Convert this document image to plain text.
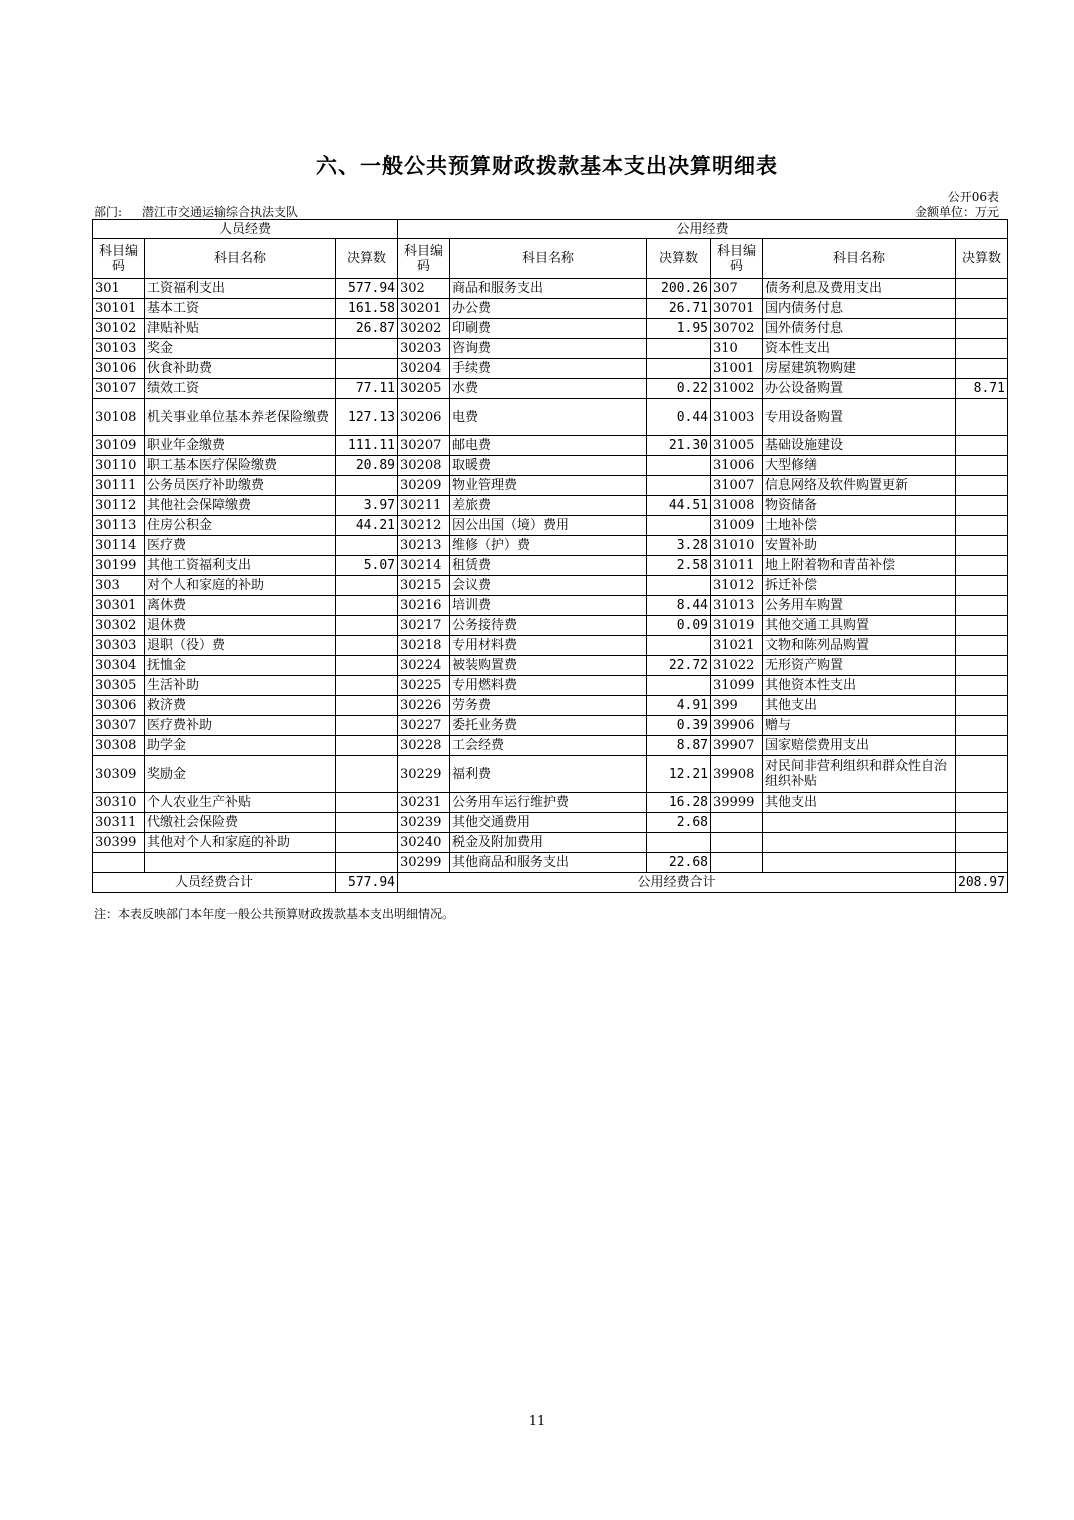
六、一般公共预算财政拨款基本支出决算明细表
公开06表
部门: 潜江市交通运输综合执法支队	金额单位：万元
人员经费			公用经费					
科目编码	科目名称	决算数	科目编码	科目名称	决算数	科目编码	科目名称	决算数
301	工资福利支出	577.94	302	商品和服务支出	200.26	307	债务利息及费用支出	
30101	基本工资	161.58	30201	办公费	26.71	30701	国内债务付息	
30102	津贴补贴	26.87	30202	印刷费	1.95	30702	国外债务付息	
30103	奖金		30203	咨询费		310	资本性支出	
30106	伙食补助费		30204	手续费		31001	房屋建筑物购建	
30107	绩效工资	77.11	30205	水费	0.22	31002	办公设备购置	8.71
30108	机关事业单位基本养老保险缴费	127.13	30206	电费	0.44	31003	专用设备购置	
30109	职业年金缴费	111.11	30207	邮电费	21.30	31005	基础设施建设	
30110	职工基本医疗保险缴费	20.89	30208	取暖费		31006	大型修缮	
30111	公务员医疗补助缴费		30209	物业管理费		31007	信息网络及软件购置更新	
30112	其他社会保障缴费	3.97	30211	差旅费	44.51	31008	物资储备	
30113	住房公积金	44.21	30212	因公出国（境）费用		31009	土地补偿	
30114	医疗费		30213	维修（护）费	3.28	31010	安置补助	
30199	其他工资福利支出	5.07	30214	租赁费	2.58	31011	地上附着物和青苗补偿	
303	对个人和家庭的补助		30215	会议费		31012	拆迁补偿	
30301	离休费		30216	培训费	8.44	31013	公务用车购置	
30302	退休费		30217	公务接待费	0.09	31019	其他交通工具购置	
30303	退职（役）费		30218	专用材料费		31021	文物和陈列品购置	
30304	抚恤金		30224	被装购置费	22.72	31022	无形资产购置	
30305	生活补助		30225	专用燃料费		31099	其他资本性支出	
30306	救济费		30226	劳务费	4.91	399	其他支出	
30307	医疗费补助		30227	委托业务费	0.39	39906	赠与	
30308	助学金		30228	工会经费	8.87	39907	国家赔偿费用支出	
30309	奖励金		30229	福利费	12.21	39908	对民间非营利组织和群众性自治组织补贴	
30310	个人农业生产补贴		30231	公务用车运行维护费	16.28	39999	其他支出	
30311	代缴社会保险费		30239	其他交通费用	2.68			
30399	其他对个人和家庭的补助		30240	税金及附加费用				
			30299	其他商品和服务支出	22.68			
人员经费合计		577.94	公用经费合计					208.97
注：本表反映部门本年度一般公共预算财政拨款基本支出明细情况。
11
